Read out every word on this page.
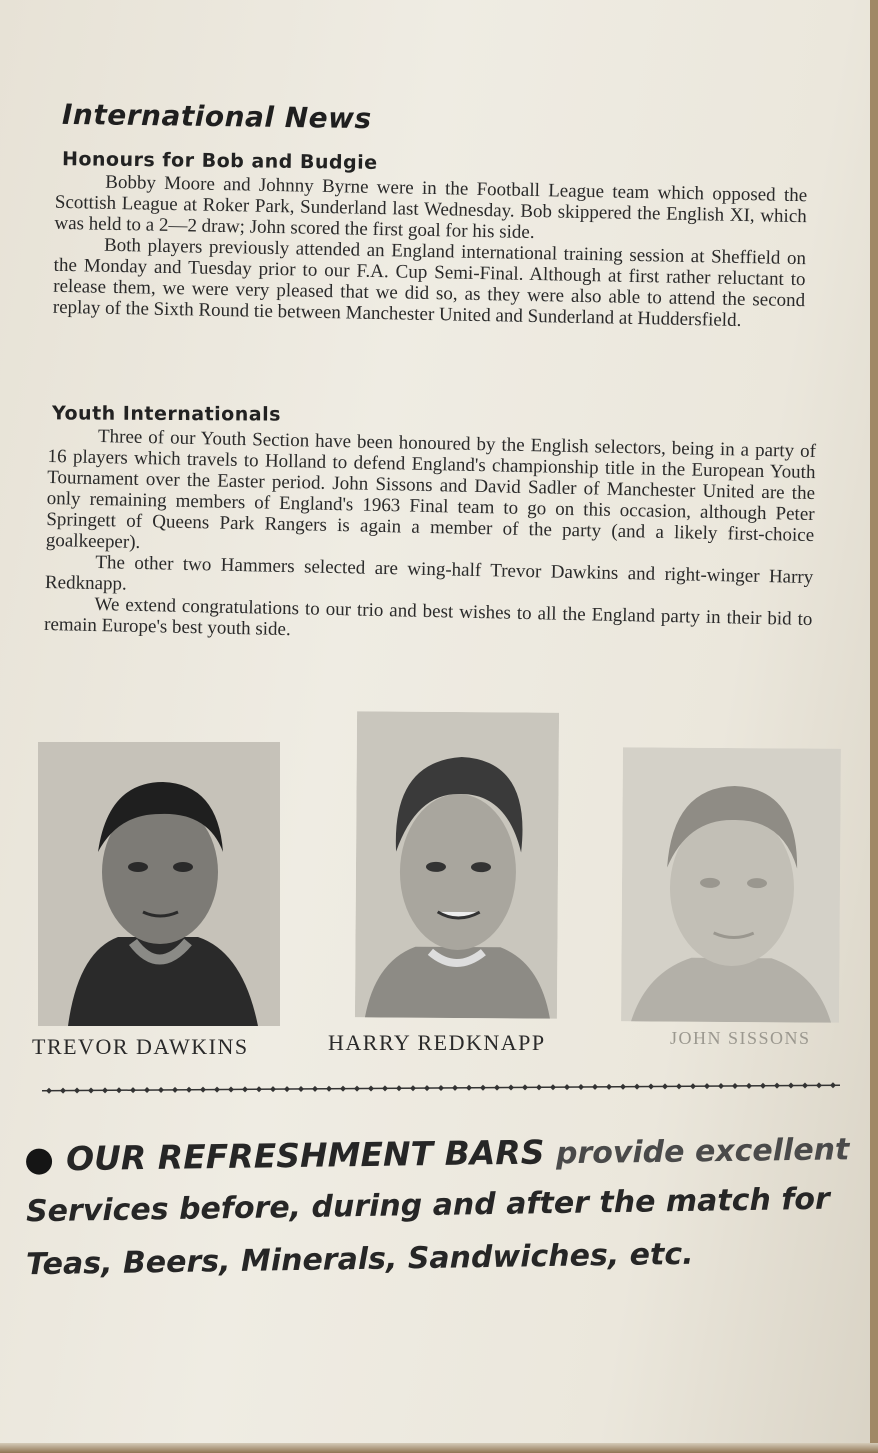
International News
Honours for Bob and Budgie

Bobby Moore and Johnny Byrne were in the Football League team which opposed the Scottish League at Roker Park, Sunderland last Wednesday. Bob skippered the English XI, which was held to a 2—2 draw; John scored the first goal for his side.

Both players previously attended an England international training session at Sheffield on the Monday and Tuesday prior to our F.A. Cup Semi-Final. Although at first rather reluctant to release them, we were very pleased that we did so, as they were also able to attend the second replay of the Sixth Round tie between Manchester United and Sunderland at Huddersfield.

Youth Internationals

Three of our Youth Section have been honoured by the English selectors, being in a party of 16 players which travels to Holland to defend England's championship title in the European Youth Tournament over the Easter period. John Sissons and David Sadler of Manchester United are the only remaining members of England's 1963 Final team to go on this occasion, although Peter Springett of Queens Park Rangers is again a member of the party (and a likely first-choice goalkeeper).

The other two Hammers selected are wing-half Trevor Dawkins and right-winger Harry Redknapp.

We extend congratulations to our trio and best wishes to all the England party in their bid to remain Europe's best youth side.

TREVOR DAWKINS	HARRY REDKNAPP	JOHN SISSONS
OUR REFRESHMENT BARS provide excellent
Services before, during and after the match for
Teas, Beers, Minerals, Sandwiches, etc.
